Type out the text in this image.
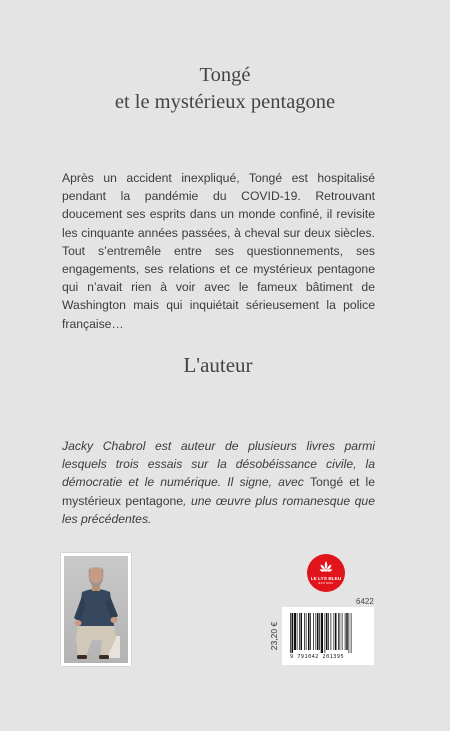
Tongé
et le mystérieux pentagone

Après un accident inexpliqué, Tongé est hospitalisé pendant la pandémie du COVID-19. Retrouvant doucement ses esprits dans un monde confiné, il revisite les cinquante années passées, à cheval sur deux siècles. Tout s’entremêle entre ses questionnements, ses engagements, ses relations et ce mystérieux pentagone qui n’avait rien à voir avec le fameux bâtiment de Washington mais qui inquiétait sérieusement la police française…

L'auteur

Jacky Chabrol est auteur de plusieurs livres parmi lesquels trois essais sur la désobéissance civile, la démocratie et le numérique. Il signe, avec Tongé et le mystérieux pentagone, une œuvre plus romanesque que les précédentes.

LE LYS BLEU
ÉDITIONS
6422
23,20 €
9 791042 201395
